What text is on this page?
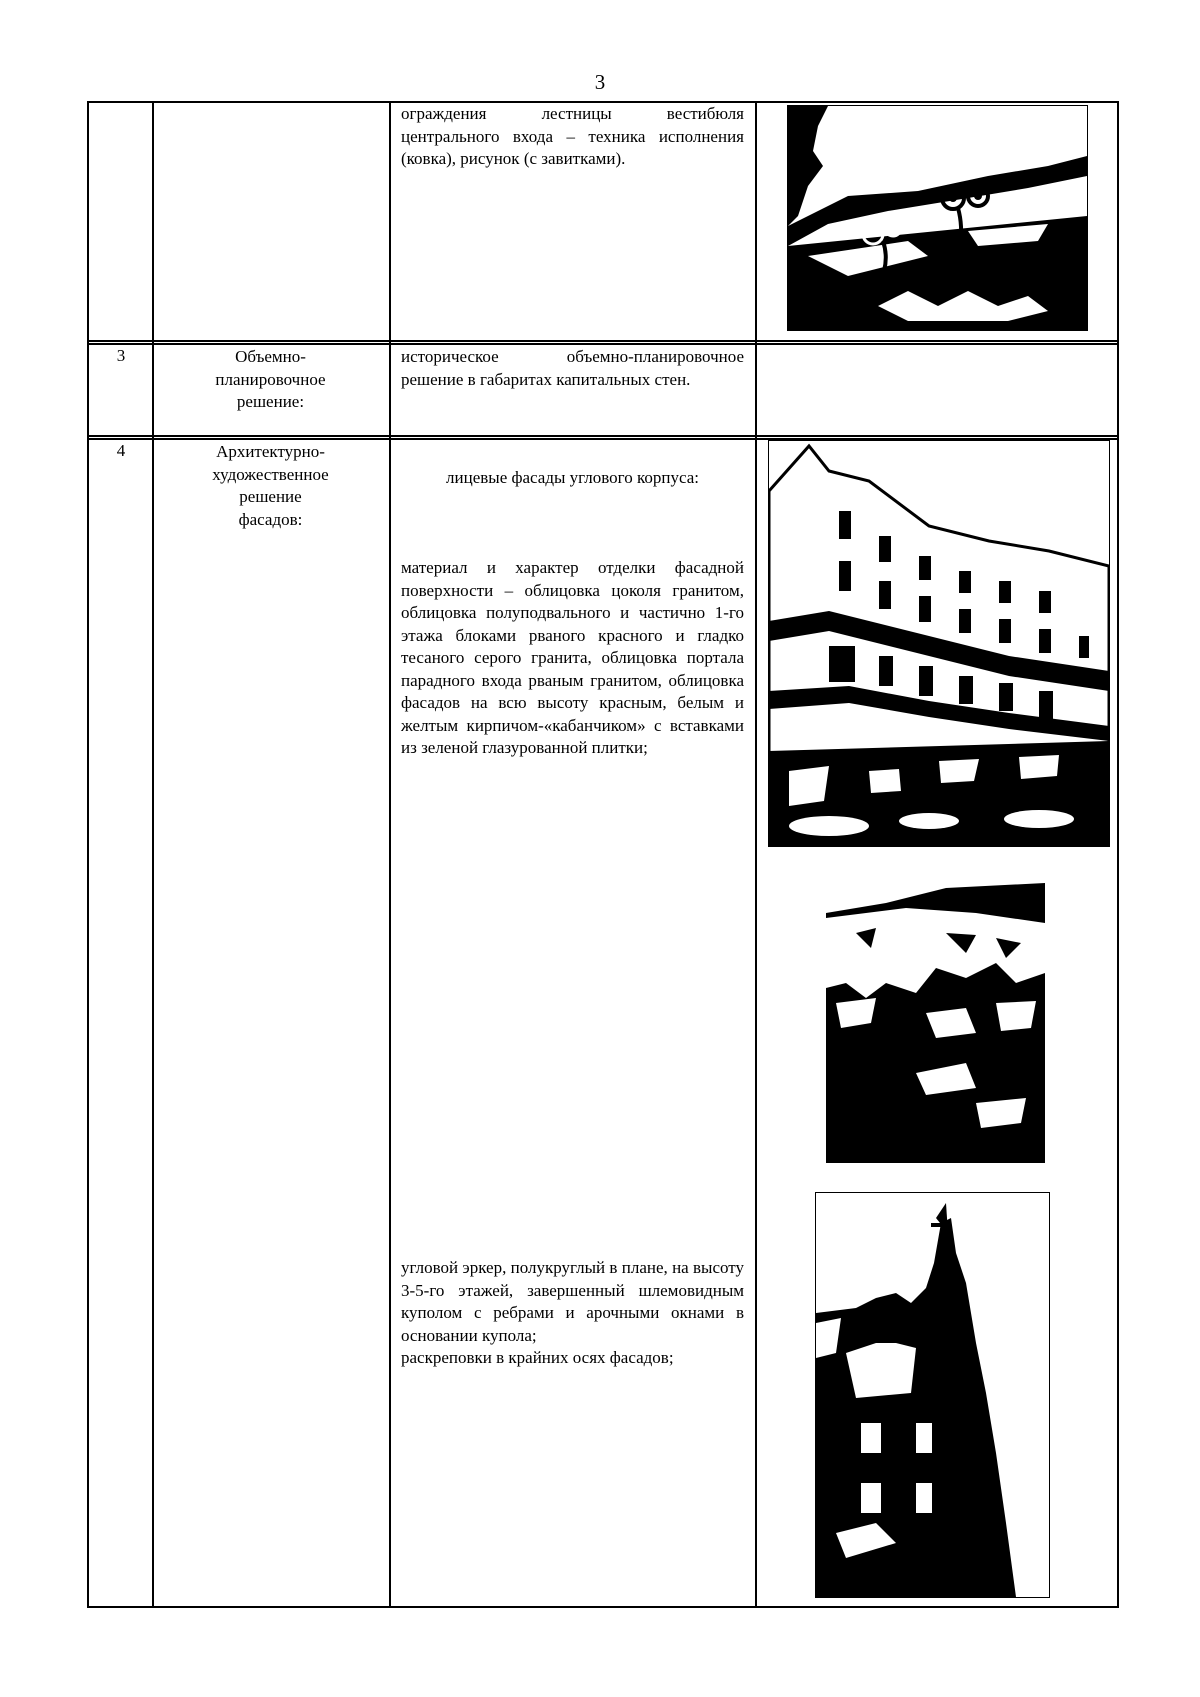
3
ограждения лестницы вестибюля центрального входа – техника исполнения (ковка), рисунок (с завитками).
3	Объемно-
планировочное
решение:
историческое объемно-планировочное решение в габаритах капитальных стен.
4	Архитектурно-
художественное
решение
фасадов:
лицевые фасады углового корпуса:
материал и характер отделки фасадной поверхности – облицовка цоколя гранитом, облицовка полуподвального и частично 1-го этажа блоками рваного красного и гладко тесаного серого гранита, облицовка портала парадного входа рваным гранитом, облицовка фасадов на всю высоту красным, белым и желтым кирпичом-«кабанчиком» с вставками из зеленой глазурованной плитки;
угловой эркер, полукруглый в плане, на высоту 3-5-го этажей, завершенный шлемовидным куполом с ребрами и арочными окнами в основании купола;
раскреповки в крайних осях фасадов;
